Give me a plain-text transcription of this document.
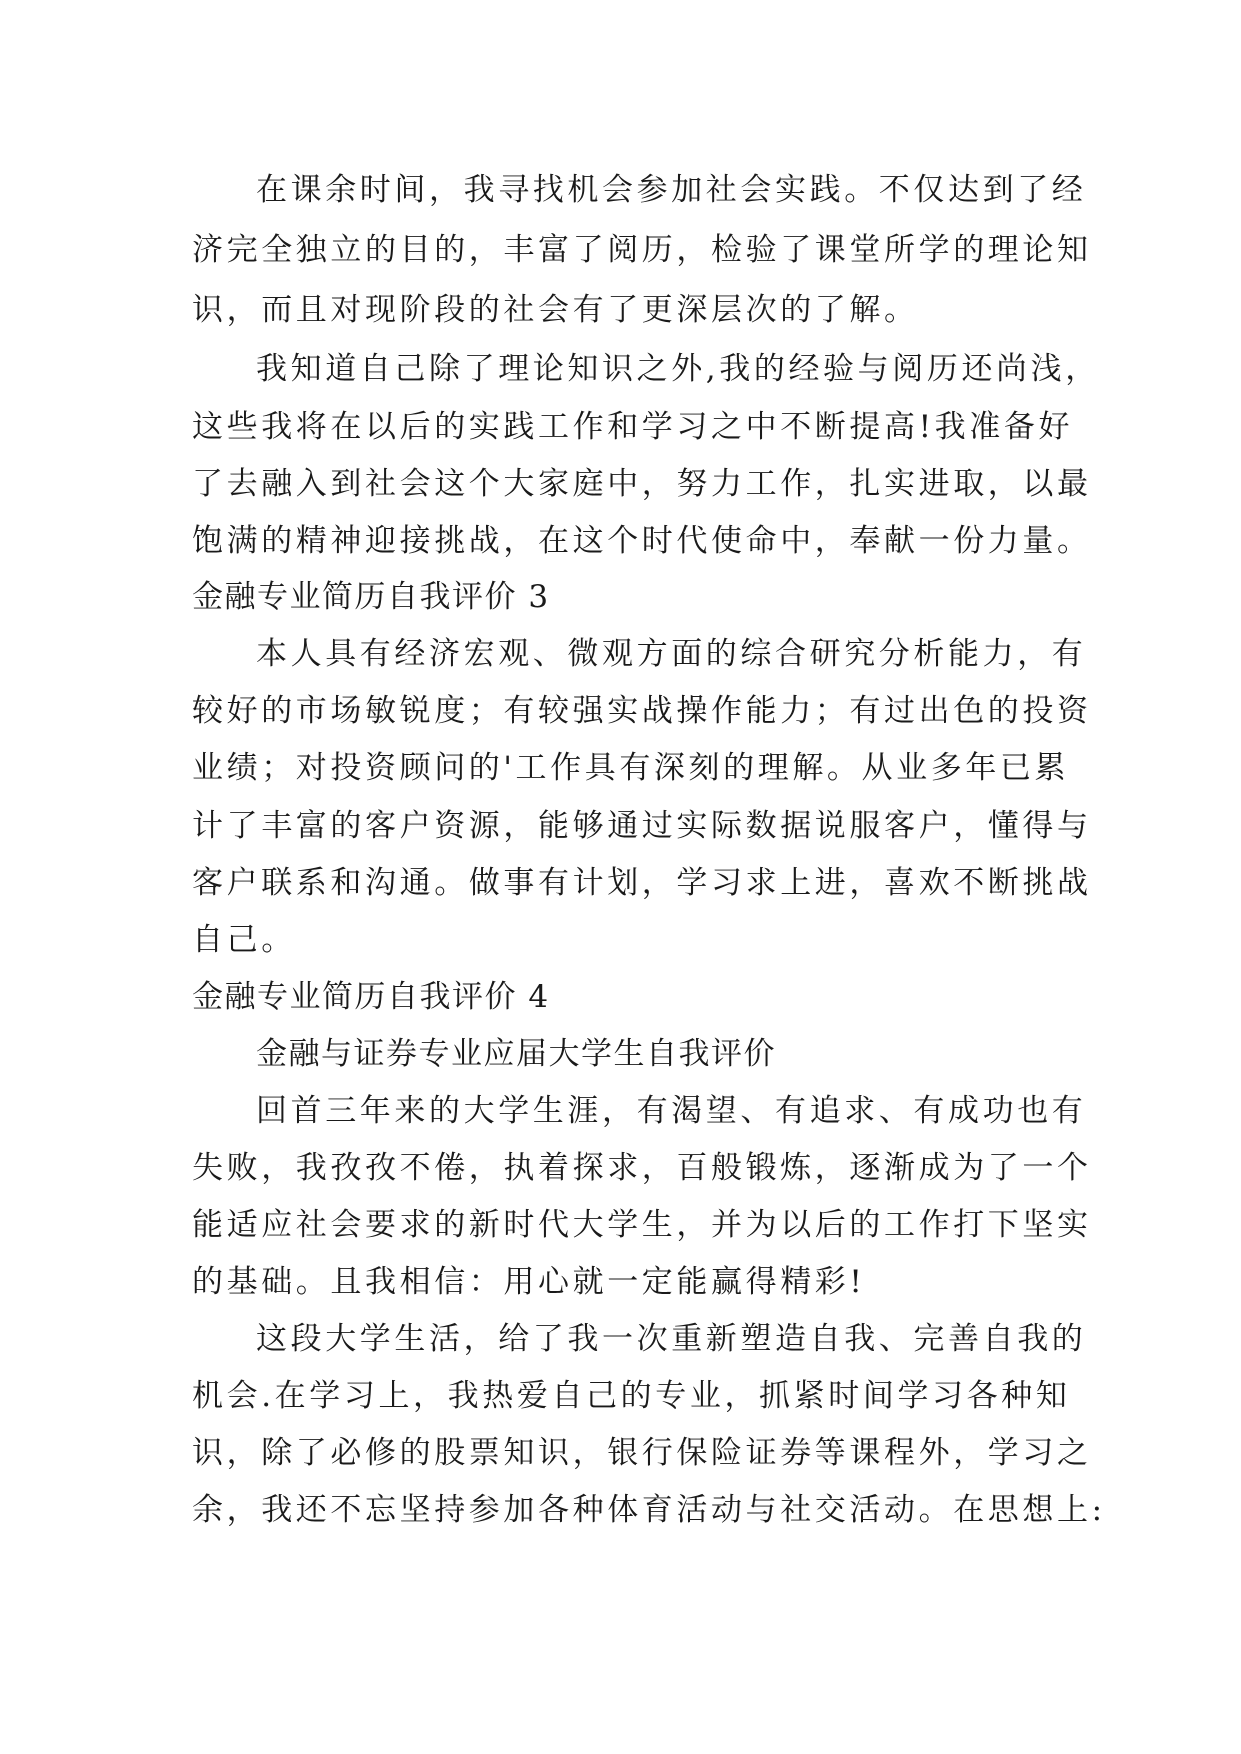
在课余时间，我寻找机会参加社会实践。不仅达到了经
济完全独立的目的，丰富了阅历，检验了课堂所学的理论知
识，而且对现阶段的社会有了更深层次的了解。
我知道自己除了理论知识之外,我的经验与阅历还尚浅，
这些我将在以后的实践工作和学习之中不断提高!我准备好
了去融入到社会这个大家庭中，努力工作，扎实进取，以最
饱满的精神迎接挑战，在这个时代使命中，奉献一份力量。
金融专业简历自我评价 3
本人具有经济宏观、微观方面的综合研究分析能力，有
较好的市场敏锐度；有较强实战操作能力；有过出色的投资
业绩；对投资顾问的'工作具有深刻的理解。从业多年已累
计了丰富的客户资源，能够通过实际数据说服客户，懂得与
客户联系和沟通。做事有计划，学习求上进，喜欢不断挑战
自己。
金融专业简历自我评价 4
金融与证券专业应届大学生自我评价
回首三年来的大学生涯，有渴望、有追求、有成功也有
失败，我孜孜不倦，执着探求，百般锻炼，逐渐成为了一个
能适应社会要求的新时代大学生，并为以后的工作打下坚实
的基础。且我相信：用心就一定能赢得精彩!
这段大学生活，给了我一次重新塑造自我、完善自我的
机会.在学习上，我热爱自己的专业，抓紧时间学习各种知
识，除了必修的股票知识，银行保险证券等课程外，学习之
余，我还不忘坚持参加各种体育活动与社交活动。在思想上:
